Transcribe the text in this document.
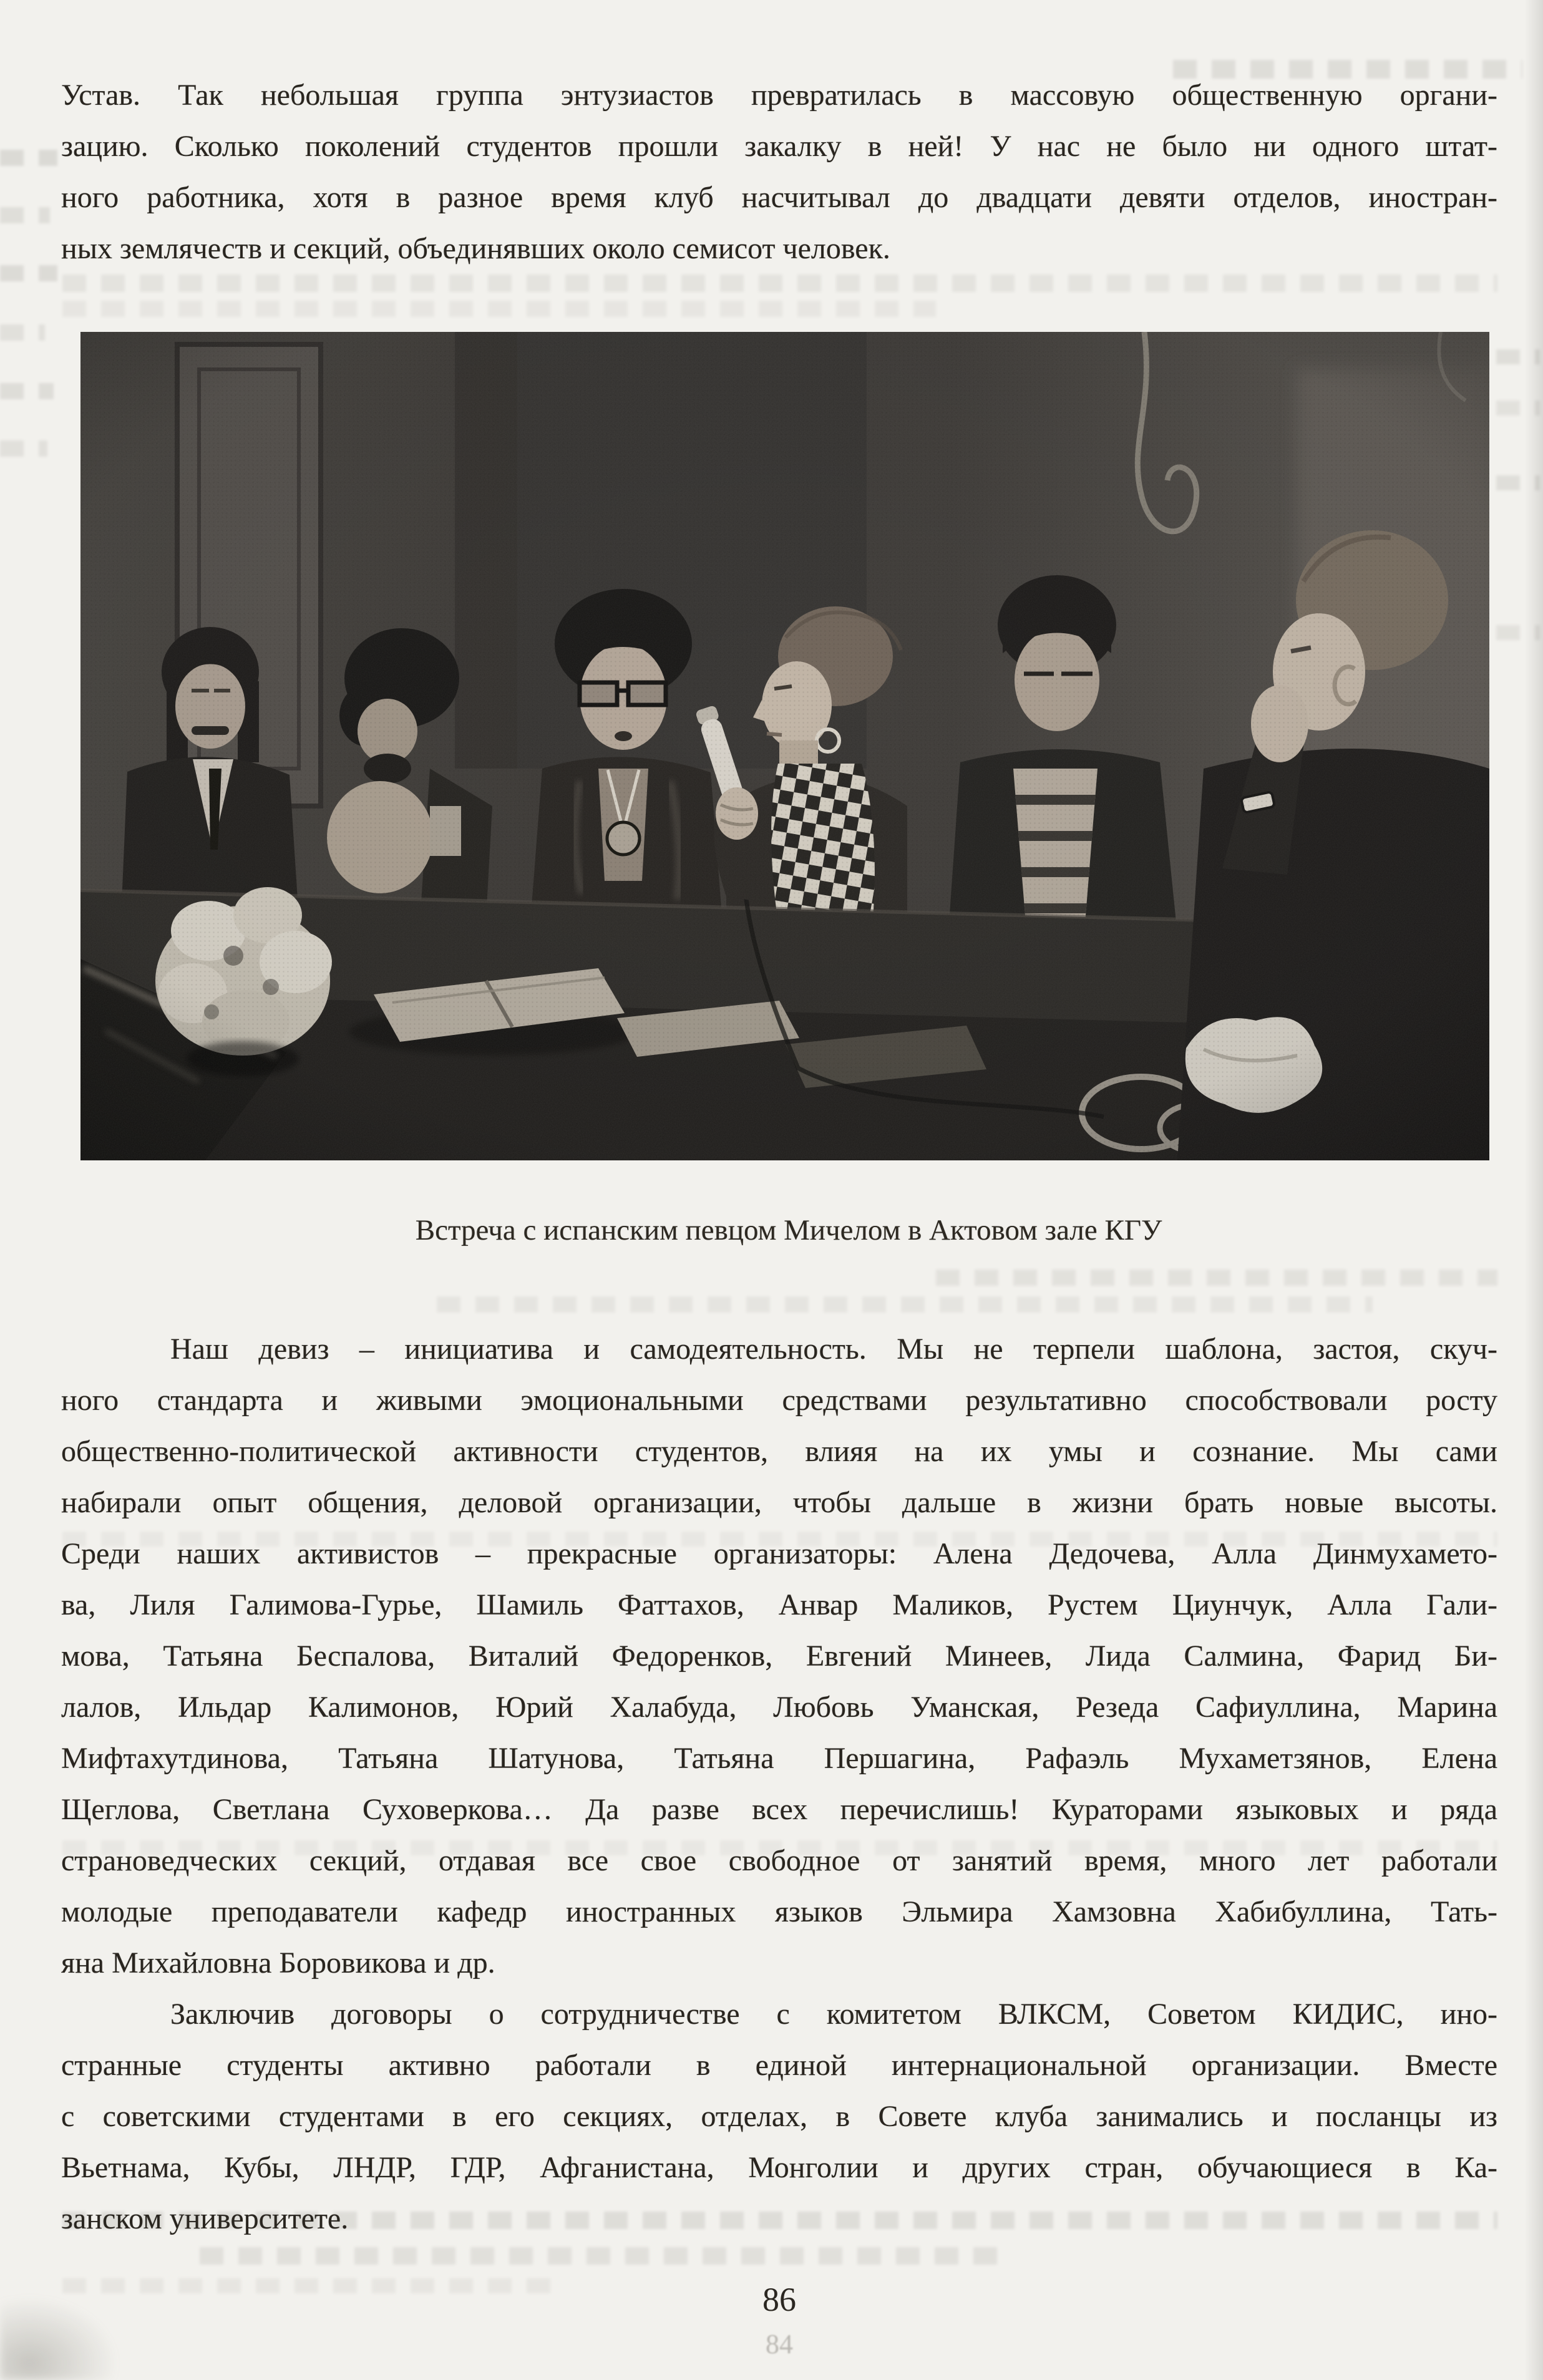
Устав. Так небольшая группа энтузиастов превратилась в массовую общественную органи-
зацию. Сколько поколений студентов прошли закалку в ней! У нас не было ни одного штат-
ного работника, хотя в разное время клуб насчитывал до двадцати девяти отделов, иностран-
ных землячеств и секций, объединявших около семисот человек.
Встреча с испанским певцом Мичелом в Актовом зале КГУ
Наш девиз – инициатива и самодеятельность. Мы не терпели шаблона, застоя, скуч-
ного стандарта и живыми эмоциональными средствами результативно способствовали росту
общественно-политической активности студентов, влияя на их умы и сознание. Мы сами
набирали опыт общения, деловой организации, чтобы дальше в жизни брать новые высоты.
Среди наших активистов – прекрасные организаторы: Алена Дедочева, Алла Динмухамето-
ва, Лиля Галимова-Гурье, Шамиль Фаттахов, Анвар Маликов, Рустем Циунчук, Алла Гали-
мова, Татьяна Беспалова, Виталий Федоренков, Евгений Минеев, Лида Салмина, Фарид Би-
лалов, Ильдар Калимонов, Юрий Халабуда, Любовь Уманская, Резеда Сафиуллина, Марина
Мифтахутдинова, Татьяна Шатунова, Татьяна Першагина, Рафаэль Мухаметзянов, Елена
Щеглова, Светлана Суховеркова… Да разве всех перечислишь! Кураторами языковых и ряда
страноведческих секций, отдавая все свое свободное от занятий время, много лет работали
молодые преподаватели кафедр иностранных языков Эльмира Хамзовна Хабибуллина, Тать-
яна Михайловна Боровикова и др.
Заключив договоры о сотрудничестве с комитетом ВЛКСМ, Советом КИДИС, ино-
странные студенты активно работали в единой интернациональной организации. Вместе
с советскими студентами в его секциях, отделах, в Совете клуба занимались и посланцы из
Вьетнама, Кубы, ЛНДР, ГДР, Афганистана, Монголии и других стран, обучающиеся в Ка-
занском университете.
86
84
